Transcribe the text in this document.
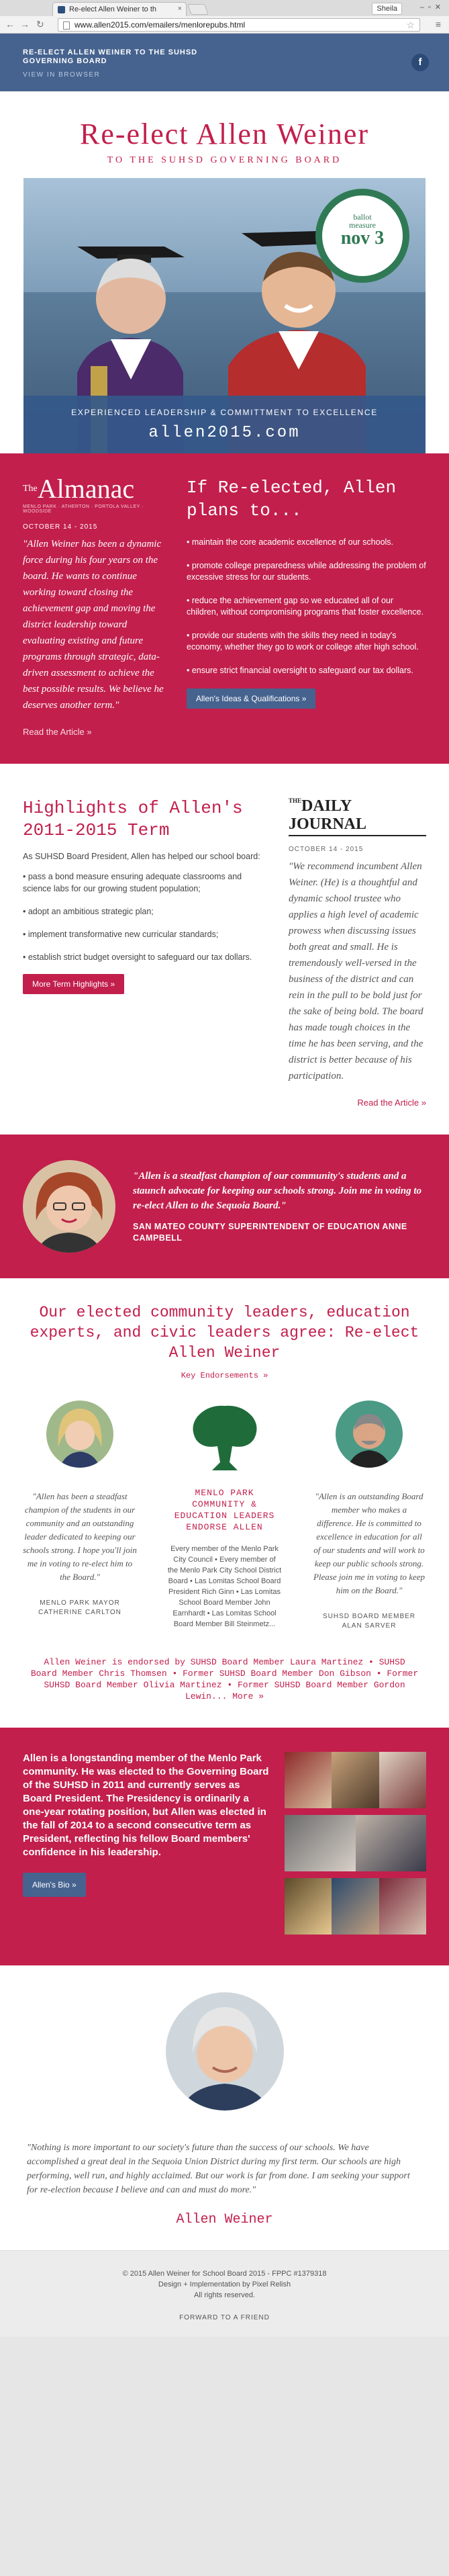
Re-elect Allen Weiner to th	×	Sheila	–▫✕
← → ↻	www.allen2015.com/emailers/menlorepubs.html	☆ ≡
RE-ELECT ALLEN WEINER TO THE SUHSD GOVERNING BOARD
VIEW IN BROWSER
f
Re-elect Allen Weiner
TO THE SUHSD GOVERNING BOARD
SEQUOIA UNION
HIGH SCHOOL DISTRICT
ballot
measure
nov 3
EXPERIENCED LEADERSHIP & COMMITTMENT TO EXCELLENCE
allen2015.com
$^{The}$Almanac
MENLO PARK · ATHERTON · PORTOLA VALLEY · WOODSIDE
OCTOBER 14 - 2015
"Allen Weiner has been a dynamic force during his four years on the board. He wants to continue working toward closing the achievement gap and moving the district leadership toward evaluating existing and future programs through strategic, data-driven assessment to achieve the best possible results. We believe he deserves another term."
Read the Article »
If Re-elected, Allen plans to...
• maintain the core academic excellence of our schools.
• promote college preparedness while addressing the problem of excessive stress for our students.
• reduce the achievement gap so we educated all of our children, without compromising programs that foster excellence.
• provide our students with the skills they need in today's economy, whether they go to work or college after high school.
• ensure strict financial oversight to safeguard our tax dollars.
Allen's Ideas & Qualifications »
Highlights of Allen's 2011-2015 Term

As SUHSD Board President, Allen has helped our school board:

• pass a bond measure ensuring adequate classrooms and science labs for our growing student population;
• adopt an ambitious strategic plan;
• implement transformative new curricular standards;
• establish strict budget oversight to safeguard our tax dollars.
More Term Highlights »
$^{THE}$DAILY JOURNAL
OCTOBER 14 - 2015
"We recommend incumbent Allen Weiner. (He) is a thoughtful and dynamic school trustee who applies a high level of academic prowess when discussing issues both great and small. He is tremendously well-versed in the business of the district and can rein in the pull to be bold just for the sake of being bold. The board has made tough choices in the time he has been serving, and the district is better because of his participation.
Read the Article »
"Allen is a steadfast champion of our community's students and a staunch advocate for keeping our schools strong. Join me in voting to re-elect Allen to the Sequoia Board."
SAN MATEO COUNTY SUPERINTENDENT OF EDUCATION ANNE CAMPBELL
Our elected community leaders, education experts, and civic leaders agree: Re-elect Allen Weiner
Key Endorsements »
"Allen has been a steadfast champion of the students in our community and an outstanding leader dedicated to keeping our schools strong. I hope you'll join me in voting to re-elect him to the Board."
MENLO PARK MAYOR CATHERINE CARLTON
MENLO PARK COMMUNITY & EDUCATION LEADERS ENDORSE ALLEN
Every member of the Menlo Park City Council • Every member of the Menlo Park City School District Board • Las Lomitas School Board President Rich Ginn • Las Lomitas School Board Member John Earnhardt • Las Lomitas School Board Member Bill Steinmetz...
"Allen is an outstanding Board member who makes a difference. He is committed to excellence in education for all of our students and will work to keep our public schools strong. Please join me in voting to keep him on the Board."
SUHSD BOARD MEMBER ALAN SARVER
Allen Weiner is endorsed by SUHSD Board Member Laura Martinez • SUHSD Board Member Chris Thomsen • Former SUHSD Board Member Don Gibson • Former SUHSD Board Member Olivia Martinez • Former SUHSD Board Member Gordon Lewin... More »
Allen is a longstanding member of the Menlo Park community. He was elected to the Governing Board of the SUHSD in 2011 and currently serves as Board President. The Presidency is ordinarily a one-year rotating position, but Allen was elected in the fall of 2014 to a second consecutive term as President, reflecting his fellow Board members' confidence in his leadership.
Allen's Bio »
"Nothing is more important to our society's future than the success of our schools. We have accomplished a great deal in the Sequoia Union District during my first term. Our schools are high performing, well run, and highly acclaimed. But our work is far from done. I am seeking your support for re-election because I believe and can and must do more."
Allen Weiner
© 2015 Allen Weiner for School Board 2015 - FPPC #1379318
Design + Implementation by Pixel Relish
All rights reserved.
FORWARD TO A FRIEND
